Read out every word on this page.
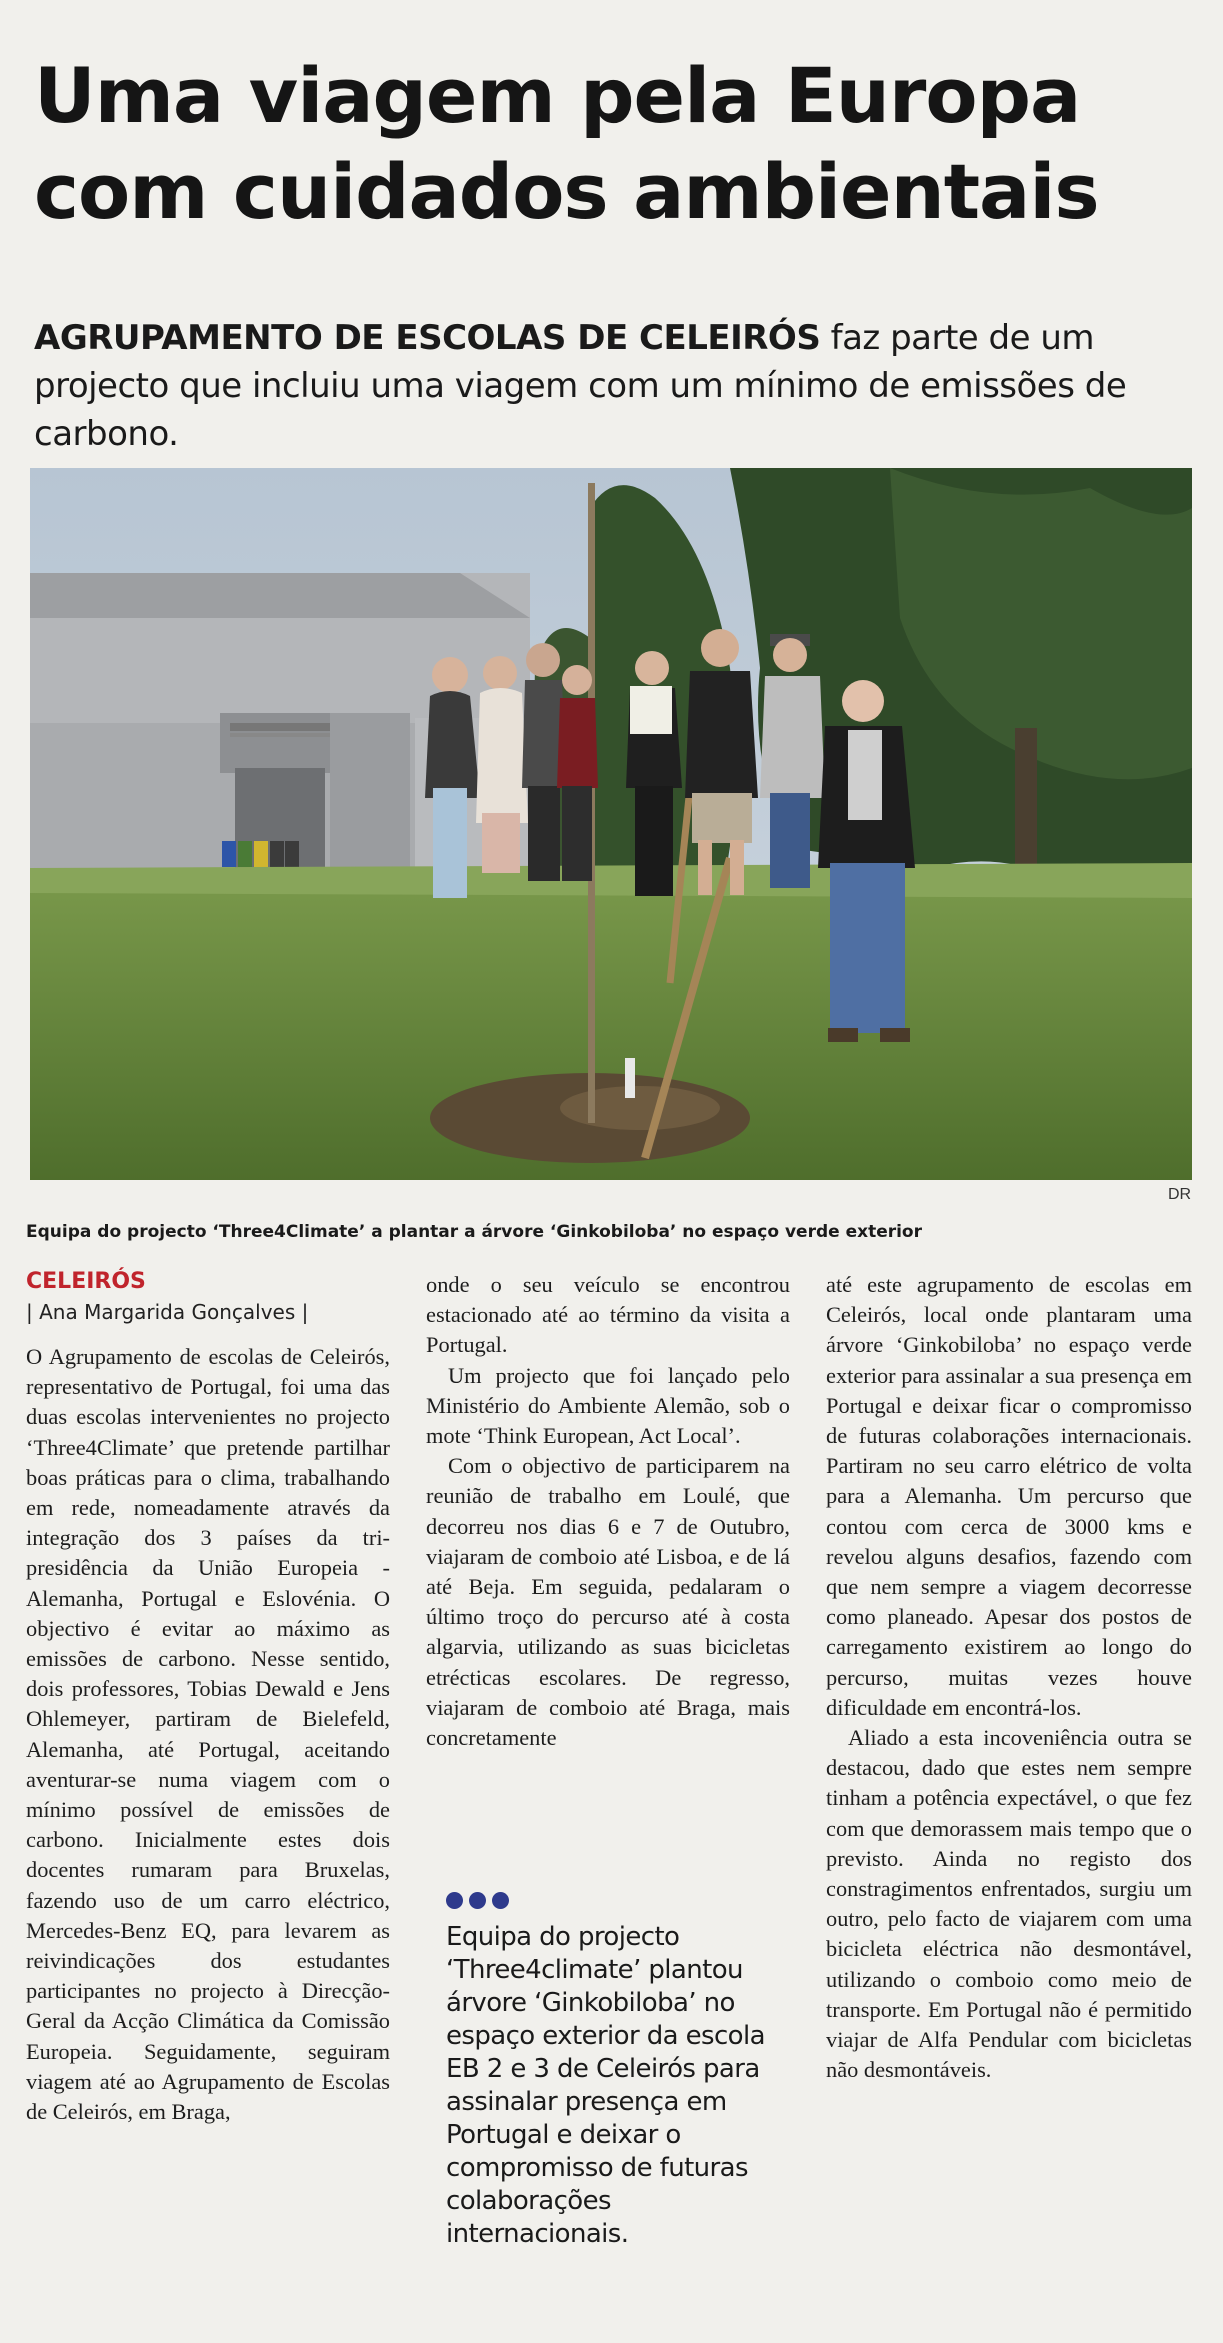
Uma viagem pela Europa com cuidados ambientais

AGRUPAMENTO DE ESCOLAS DE CELEIRÓS faz parte de um projecto que incluiu uma viagem com um mínimo de emissões de carbono.

DR

Equipa do projecto ‘Three4Climate’ a plantar a árvore ‘Ginkobiloba’ no espaço verde exterior

CELEIRÓS
| Ana Margarida Gonçalves |

O Agrupamento de escolas de Celeirós, representativo de Portugal, foi uma das duas escolas intervenientes no projecto ‘Three4Climate’ que pretende partilhar boas práticas para o clima, trabalhando em rede, nomeadamente através da integração dos 3 países da tri-presidência da União Europeia - Alemanha, Portugal e Eslovénia. O objectivo é evitar ao máximo as emissões de carbono. Nesse sentido, dois professores, Tobias Dewald e Jens Ohlemeyer, partiram de Bielefeld, Alemanha, até Portugal, aceitando aventurar-se numa viagem com o mínimo possível de emissões de carbono. Inicialmente estes dois docentes rumaram para Bruxelas, fazendo uso de um carro eléctrico, Mercedes-Benz EQ, para levarem as reivindicações dos estudantes participantes no projecto à Direcção-Geral da Acção Climática da Comissão Europeia. Seguidamente, seguiram viagem até ao Agrupamento de Escolas de Celeirós, em Braga,

onde o seu veículo se encontrou estacionado até ao término da visita a Portugal.

Um projecto que foi lançado pelo Ministério do Ambiente Alemão, sob o mote ‘Think European, Act Local’.

Com o objectivo de participarem na reunião de trabalho em Loulé, que decorreu nos dias 6 e 7 de Outubro, viajaram de comboio até Lisboa, e de lá até Beja. Em seguida, pedalaram o último troço do percurso até à costa algarvia, utilizando as suas bicicletas etrécticas escolares. De regresso, viajaram de comboio até Braga, mais concretamente

Equipa do projecto ‘Three4climate’ plantou árvore ‘Ginkobiloba’ no espaço exterior da escola EB 2 e 3 de Celeirós para assinalar presença em Portugal e deixar o compromisso de futuras colaborações internacionais.

até este agrupamento de escolas em Celeirós, local onde plantaram uma árvore ‘Ginkobiloba’ no espaço verde exterior para assinalar a sua presença em Portugal e deixar ficar o compromisso de futuras colaborações internacionais. Partiram no seu carro elétrico de volta para a Alemanha. Um percurso que contou com cerca de 3000 kms e revelou alguns desafios, fazendo com que nem sempre a viagem decorresse como planeado. Apesar dos postos de carregamento existirem ao longo do percurso, muitas vezes houve dificuldade em encontrá-los.

Aliado a esta incoveniência outra se destacou, dado que estes nem sempre tinham a potência expectável, o que fez com que demorassem mais tempo que o previsto. Ainda no registo dos constragimentos enfrentados, surgiu um outro, pelo facto de viajarem com uma bicicleta eléctrica não desmontável, utilizando o comboio como meio de transporte. Em Portugal não é permitido viajar de Alfa Pendular com bicicletas não desmontáveis.
